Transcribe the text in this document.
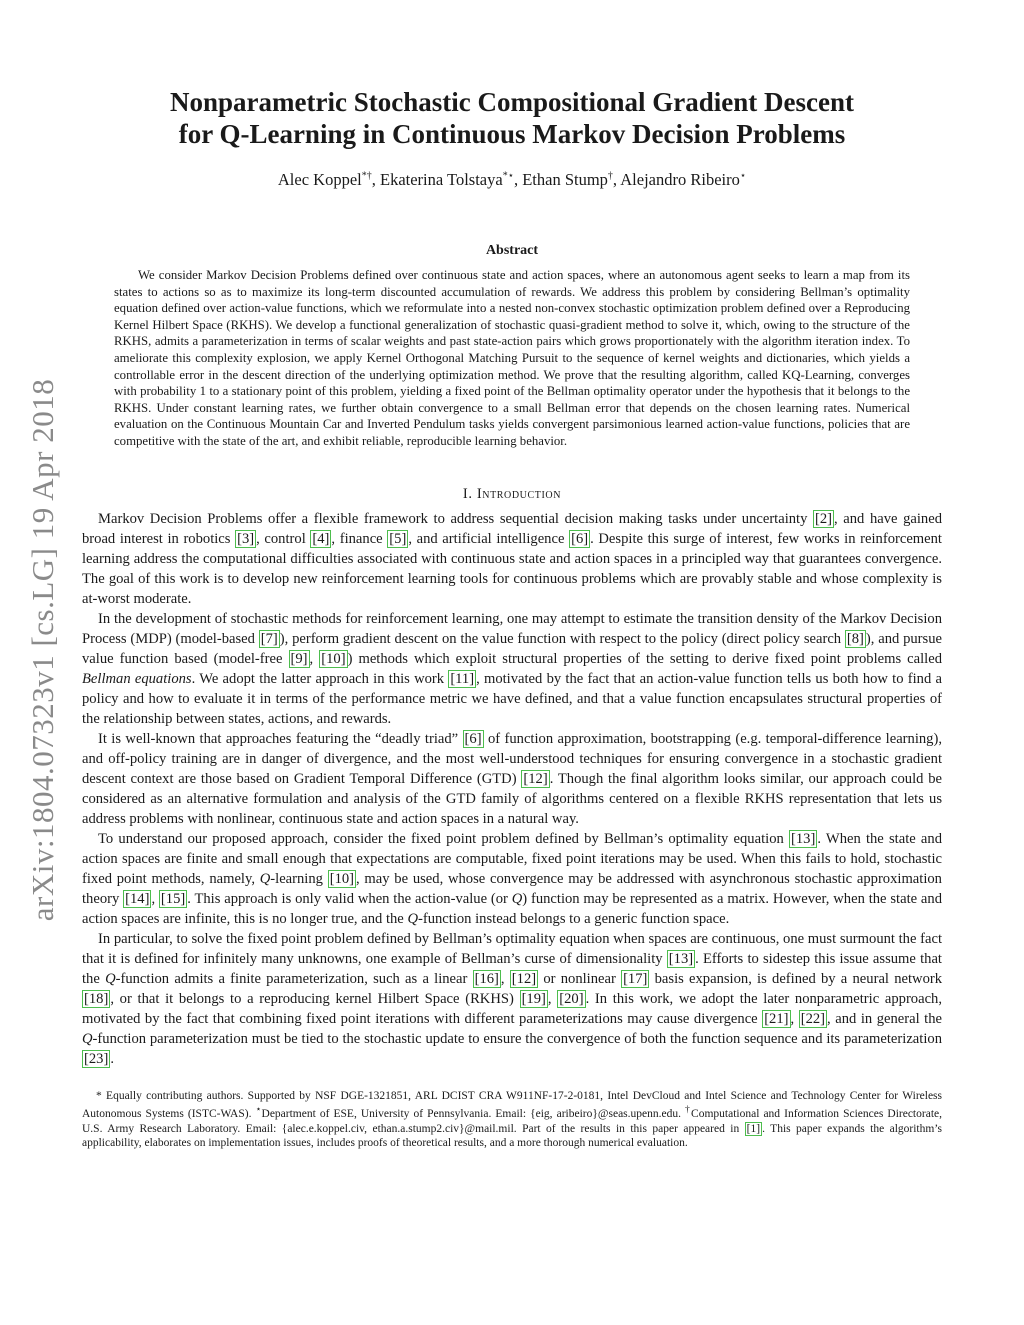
arXiv:1804.07323v1 [cs.LG] 19 Apr 2018
Nonparametric Stochastic Compositional Gradient Descent
for Q-Learning in Continuous Markov Decision Problems
Alec Koppel*†, Ekaterina Tolstaya*⋆, Ethan Stump†, Alejandro Ribeiro⋆
Abstract

We consider Markov Decision Problems defined over continuous state and action spaces, where an autonomous agent seeks to learn a map from its states to actions so as to maximize its long-term discounted accumulation of rewards. We address this problem by considering Bellman’s optimality equation defined over action-value functions, which we reformulate into a nested non-convex stochastic optimization problem defined over a Reproducing Kernel Hilbert Space (RKHS). We develop a functional generalization of stochastic quasi-gradient method to solve it, which, owing to the structure of the RKHS, admits a parameterization in terms of scalar weights and past state-action pairs which grows proportionately with the algorithm iteration index. To ameliorate this complexity explosion, we apply Kernel Orthogonal Matching Pursuit to the sequence of kernel weights and dictionaries, which yields a controllable error in the descent direction of the underlying optimization method. We prove that the resulting algorithm, called KQ-Learning, converges with probability 1 to a stationary point of this problem, yielding a fixed point of the Bellman optimality operator under the hypothesis that it belongs to the RKHS. Under constant learning rates, we further obtain convergence to a small Bellman error that depends on the chosen learning rates. Numerical evaluation on the Continuous Mountain Car and Inverted Pendulum tasks yields convergent parsimonious learned action-value functions, policies that are competitive with the state of the art, and exhibit reliable, reproducible learning behavior.

I. Introduction

Markov Decision Problems offer a flexible framework to address sequential decision making tasks under uncertainty [2] , and have gained broad interest in robotics [3] , control [4] , finance [5] , and artificial intelligence [6] . Despite this surge of interest, few works in reinforcement learning address the computational difficulties associated with continuous state and action spaces in a principled way that guarantees convergence. The goal of this work is to develop new reinforcement learning tools for continuous problems which are provably stable and whose complexity is at-worst moderate.

In the development of stochastic methods for reinforcement learning, one may attempt to estimate the transition density of the Markov Decision Process (MDP) (model-based [7] ), perform gradient descent on the value function with respect to the policy (direct policy search [8] ), and pursue value function based (model-free [9] , [10] ) methods which exploit structural properties of the setting to derive fixed point problems called Bellman equations. We adopt the latter approach in this work [11] , motivated by the fact that an action-value function tells us both how to find a policy and how to evaluate it in terms of the performance metric we have defined, and that a value function encapsulates structural properties of the relationship between states, actions, and rewards.

It is well-known that approaches featuring the “deadly triad” [6] of function approximation, bootstrapping (e.g. temporal-difference learning), and off-policy training are in danger of divergence, and the most well-understood techniques for ensuring convergence in a stochastic gradient descent context are those based on Gradient Temporal Difference (GTD) [12] . Though the final algorithm looks similar, our approach could be considered as an alternative formulation and analysis of the GTD family of algorithms centered on a flexible RKHS representation that lets us address problems with nonlinear, continuous state and action spaces in a natural way.

To understand our proposed approach, consider the fixed point problem defined by Bellman’s optimality equation [13] . When the state and action spaces are finite and small enough that expectations are computable, fixed point iterations may be used. When this fails to hold, stochastic fixed point methods, namely, Q-learning [10] , may be used, whose convergence may be addressed with asynchronous stochastic approximation theory [14] , [15] . This approach is only valid when the action-value (or Q) function may be represented as a matrix. However, when the state and action spaces are infinite, this is no longer true, and the Q-function instead belongs to a generic function space.

In particular, to solve the fixed point problem defined by Bellman’s optimality equation when spaces are continuous, one must surmount the fact that it is defined for infinitely many unknowns, one example of Bellman’s curse of dimensionality [13] . Efforts to sidestep this issue assume that the Q-function admits a finite parameterization, such as a linear [16] , [12] or nonlinear [17] basis expansion, is defined by a neural network [18] , or that it belongs to a reproducing kernel Hilbert Space (RKHS) [19] , [20] . In this work, we adopt the later nonparametric approach, motivated by the fact that combining fixed point iterations with different parameterizations may cause divergence [21] , [22] , and in general the Q-function parameterization must be tied to the stochastic update to ensure the convergence of both the function sequence and its parameterization [23] .

* Equally contributing authors. Supported by NSF DGE-1321851, ARL DCIST CRA W911NF-17-2-0181, Intel DevCloud and Intel Science and Technology Center for Wireless Autonomous Systems (ISTC-WAS). ⋆Department of ESE, University of Pennsylvania. Email: {eig, aribeiro}@seas.upenn.edu. †Computational and Information Sciences Directorate, U.S. Army Research Laboratory. Email: {alec.e.koppel.civ, ethan.a.stump2.civ}@mail.mil. Part of the results in this paper appeared in [1] . This paper expands the algorithm’s applicability, elaborates on implementation issues, includes proofs of theoretical results, and a more thorough numerical evaluation.
